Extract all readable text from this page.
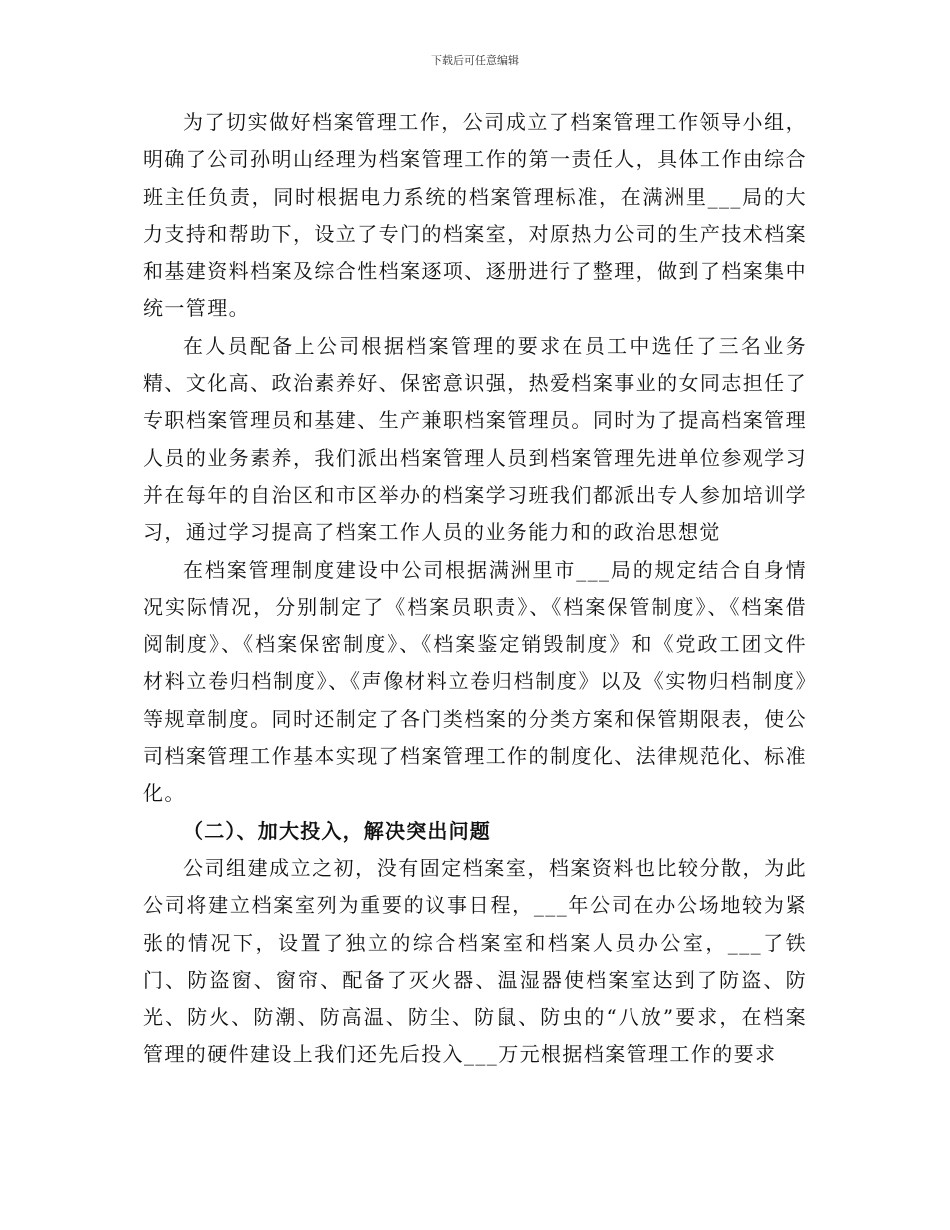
下载后可任意编辑

为了切实做好档案管理工作，公司成立了档案管理工作领导小组，明确了公司孙明山经理为档案管理工作的第一责任人，具体工作由综合班主任负责，同时根据电力系统的档案管理标准，在满洲里___局的大力支持和帮助下，设立了专门的档案室，对原热力公司的生产技术档案和基建资料档案及综合性档案逐项、逐册进行了整理，做到了档案集中统一管理。

在人员配备上公司根据档案管理的要求在员工中选任了三名业务精、文化高、政治素养好、保密意识强，热爱档案事业的女同志担任了专职档案管理员和基建、生产兼职档案管理员。同时为了提高档案管理人员的业务素养，我们派出档案管理人员到档案管理先进单位参观学习并在每年的自治区和市区举办的档案学习班我们都派出专人参加培训学习，通过学习提高了档案工作人员的业务能力和的政治思想觉

在档案管理制度建设中公司根据满洲里市___局的规定结合自身情况实际情况，分别制定了《档案员职责》、《档案保管制度》、《档案借阅制度》、《档案保密制度》、《档案鉴定销毁制度》和《党政工团文件材料立卷归档制度》、《声像材料立卷归档制度》以及《实物归档制度》等规章制度。同时还制定了各门类档案的分类方案和保管期限表，使公司档案管理工作基本实现了档案管理工作的制度化、法律规范化、标准化。

（二）、加大投入，解决突出问题

公司组建成立之初，没有固定档案室，档案资料也比较分散，为此公司将建立档案室列为重要的议事日程，___年公司在办公场地较为紧张的情况下，设置了独立的综合档案室和档案人员办公室，___了铁门、防盗窗、窗帘、配备了灭火器、温湿器使档案室达到了防盗、防光、防火、防潮、防高温、防尘、防鼠、防虫的“八放”要求，在档案管理的硬件建设上我们还先后投入___万元根据档案管理工作的要求
